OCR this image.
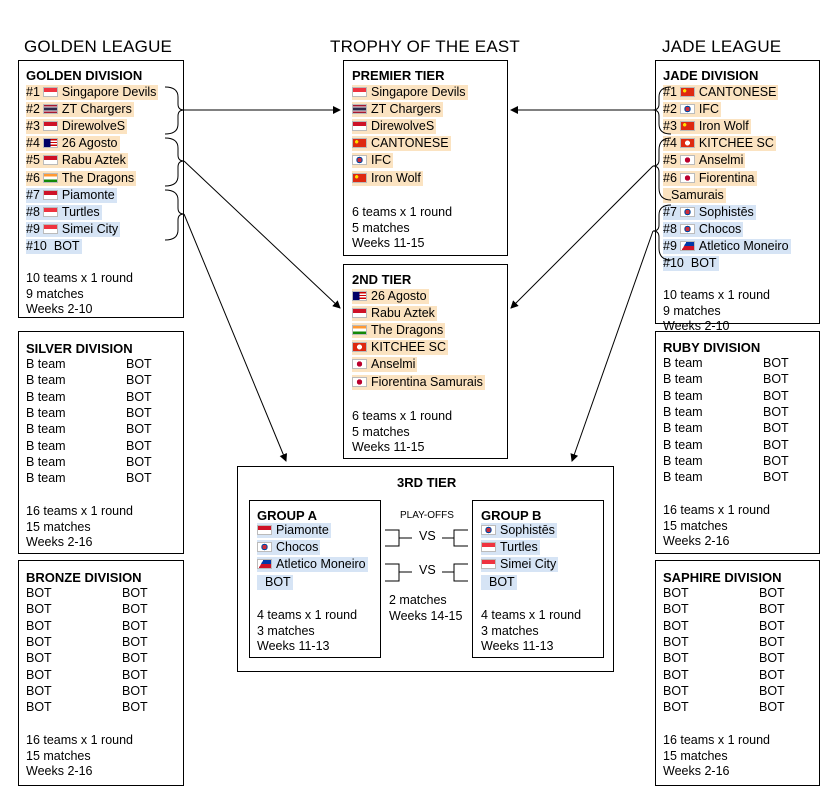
GOLDEN LEAGUE	TROPHY OF THE EAST	JADE LEAGUE
GOLDEN DIVISION
SILVER DIVISION
BRONZE DIVISION
PREMIER TIER
2ND TIER
3RD TIER
GROUP A	GROUP B
JADE DIVISION
RUBY DIVISION
SAPHIRE DIVISION
#1 Singapore Devils
#2 ZT Chargers
#3 DirewolveS
#4 26 Agosto
#5 Rabu Aztek
#6 The Dragons
#7 Piamonte
#8 Turtles
#9 Simei City
#10 BOT
10 teams x 1 round
9 matches
Weeks 2-10
B team	BOT
B team	BOT
B team	BOT
B team	BOT
B team	BOT
B team	BOT
B team	BOT
B team	BOT
16 teams x 1 round
15 matches
Weeks 2-16
BOT	BOT
BOT	BOT
BOT	BOT
BOT	BOT
BOT	BOT
BOT	BOT
BOT	BOT
BOT	BOT
16 teams x 1 round
15 matches
Weeks 2-16
Singapore Devils
ZT Chargers
DirewolveS
CANTONESE
IFC
Iron Wolf
6 teams x 1 round
5 matches
Weeks 11-15
26 Agosto
Rabu Aztek
The Dragons
KITCHEE SC
Anselmi
Fiorentina Samurais
6 teams x 1 round
5 matches
Weeks 11-15
Piamonte
Chocos
Atletico Moneiro
BOT
4 teams x 1 round
3 matches
Weeks 11-13
Sophistēs
Turtles
Simei City
BOT
4 teams x 1 round
3 matches
Weeks 11-13
#1 CANTONESE
#2 IFC
#3 Iron Wolf
#4 KITCHEE SC
#5 Anselmi
#6 Fiorentina
Samurais
#7 Sophistēs
#8 Chocos
#9 Atletico Moneiro
#10 BOT
10 teams x 1 round
9 matches
Weeks 2-10
B team	BOT
B team	BOT
B team	BOT
B team	BOT
B team	BOT
B team	BOT
B team	BOT
B team	BOT
16 teams x 1 round
15 matches
Weeks 2-16
BOT	BOT
BOT	BOT
BOT	BOT
BOT	BOT
BOT	BOT
BOT	BOT
BOT	BOT
BOT	BOT
16 teams x 1 round
15 matches
Weeks 2-16
PLAY-OFFS
VS
VS
2 matches
Weeks 14-15
